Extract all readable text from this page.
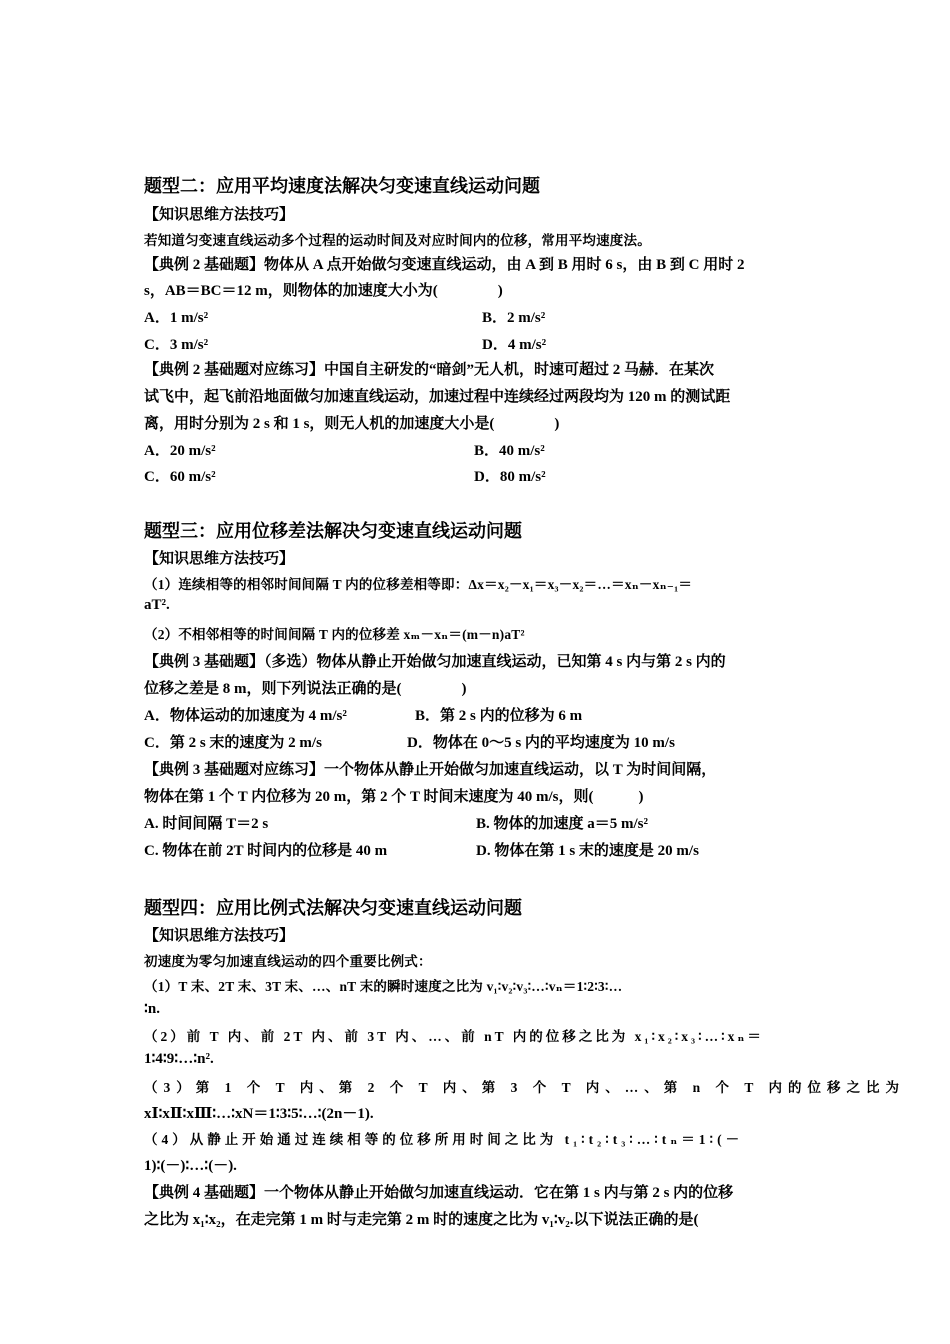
题型二：应用平均速度法解决匀变速直线运动问题
【知识思维方法技巧】
若知道匀变速直线运动多个过程的运动时间及对应时间内的位移，常用平均速度法。
【典例 2 基础题】物体从 A 点开始做匀变速直线运动，由 A 到 B 用时 6 s，由 B 到 C 用时 2
s，AB＝BC＝12 m，则物体的加速度大小为(　　　　)
A．1 m/s²	B．2 m/s²
C．3 m/s²	D．4 m/s²
【典例 2 基础题对应练习】中国自主研发的“暗剑”无人机，时速可超过 2 马赫．在某次
试飞中，起飞前沿地面做匀加速直线运动，加速过程中连续经过两段均为 120 m 的测试距
离，用时分别为 2 s 和 1 s，则无人机的加速度大小是(　　　　)
A．20 m/s²	B．40 m/s²
C．60 m/s²	D．80 m/s²
题型三：应用位移差法解决匀变速直线运动问题
【知识思维方法技巧】
（1）连续相等的相邻时间间隔 T 内的位移差相等即：Δx＝x₂－x₁＝x₃－x₂＝…＝xₙ－xₙ₋₁＝
aT².
（2）不相邻相等的时间间隔 T 内的位移差 xₘ－xₙ＝(m－n)aT²
【典例 3 基础题】（多选）物体从静止开始做匀加速直线运动，已知第 4 s 内与第 2 s 内的
位移之差是 8 m，则下列说法正确的是(　　　　)
A．物体运动的加速度为 4 m/s²	B．第 2 s 内的位移为 6 m
C．第 2 s 末的速度为 2 m/s	D．物体在 0～5 s 内的平均速度为 10 m/s
【典例 3 基础题对应练习】一个物体从静止开始做匀加速直线运动，以 T 为时间间隔，
物体在第 1 个 T 内位移为 20 m，第 2 个 T 时间末速度为 40 m/s，则(　　　)
A. 时间间隔 T＝2 s	B. 物体的加速度 a＝5 m/s²
C. 物体在前 2T 时间内的位移是 40 m	D. 物体在第 1 s 末的速度是 20 m/s
题型四：应用比例式法解决匀变速直线运动问题
【知识思维方法技巧】
初速度为零匀加速直线运动的四个重要比例式：
（1）T 末、2T 末、3T 末、…、nT 末的瞬时速度之比为 v₁∶v₂∶v₃∶…∶vₙ＝1∶2∶3∶…
∶n.
（2）前 T 内、前 2T 内、前 3T 内、…、前 nT 内的位移之比为 x₁∶x₂∶x₃∶…∶xₙ＝
1∶4∶9∶…∶n².
（3）第 1 个 T 内、第 2 个 T 内、第 3 个 T 内、…、第 n 个 T 内的位移之比为
xⅠ∶xⅡ∶xⅢ∶…∶xN＝1∶3∶5∶…∶(2n－1).
（4）从静止开始通过连续相等的位移所用时间之比为 t₁∶t₂∶t₃∶…∶tₙ＝1∶(－
1)∶(－)∶…∶(－).
【典例 4 基础题】一个物体从静止开始做匀加速直线运动．它在第 1 s 内与第 2 s 内的位移
之比为 x₁∶x₂，在走完第 1 m 时与走完第 2 m 时的速度之比为 v₁∶v₂.以下说法正确的是(
